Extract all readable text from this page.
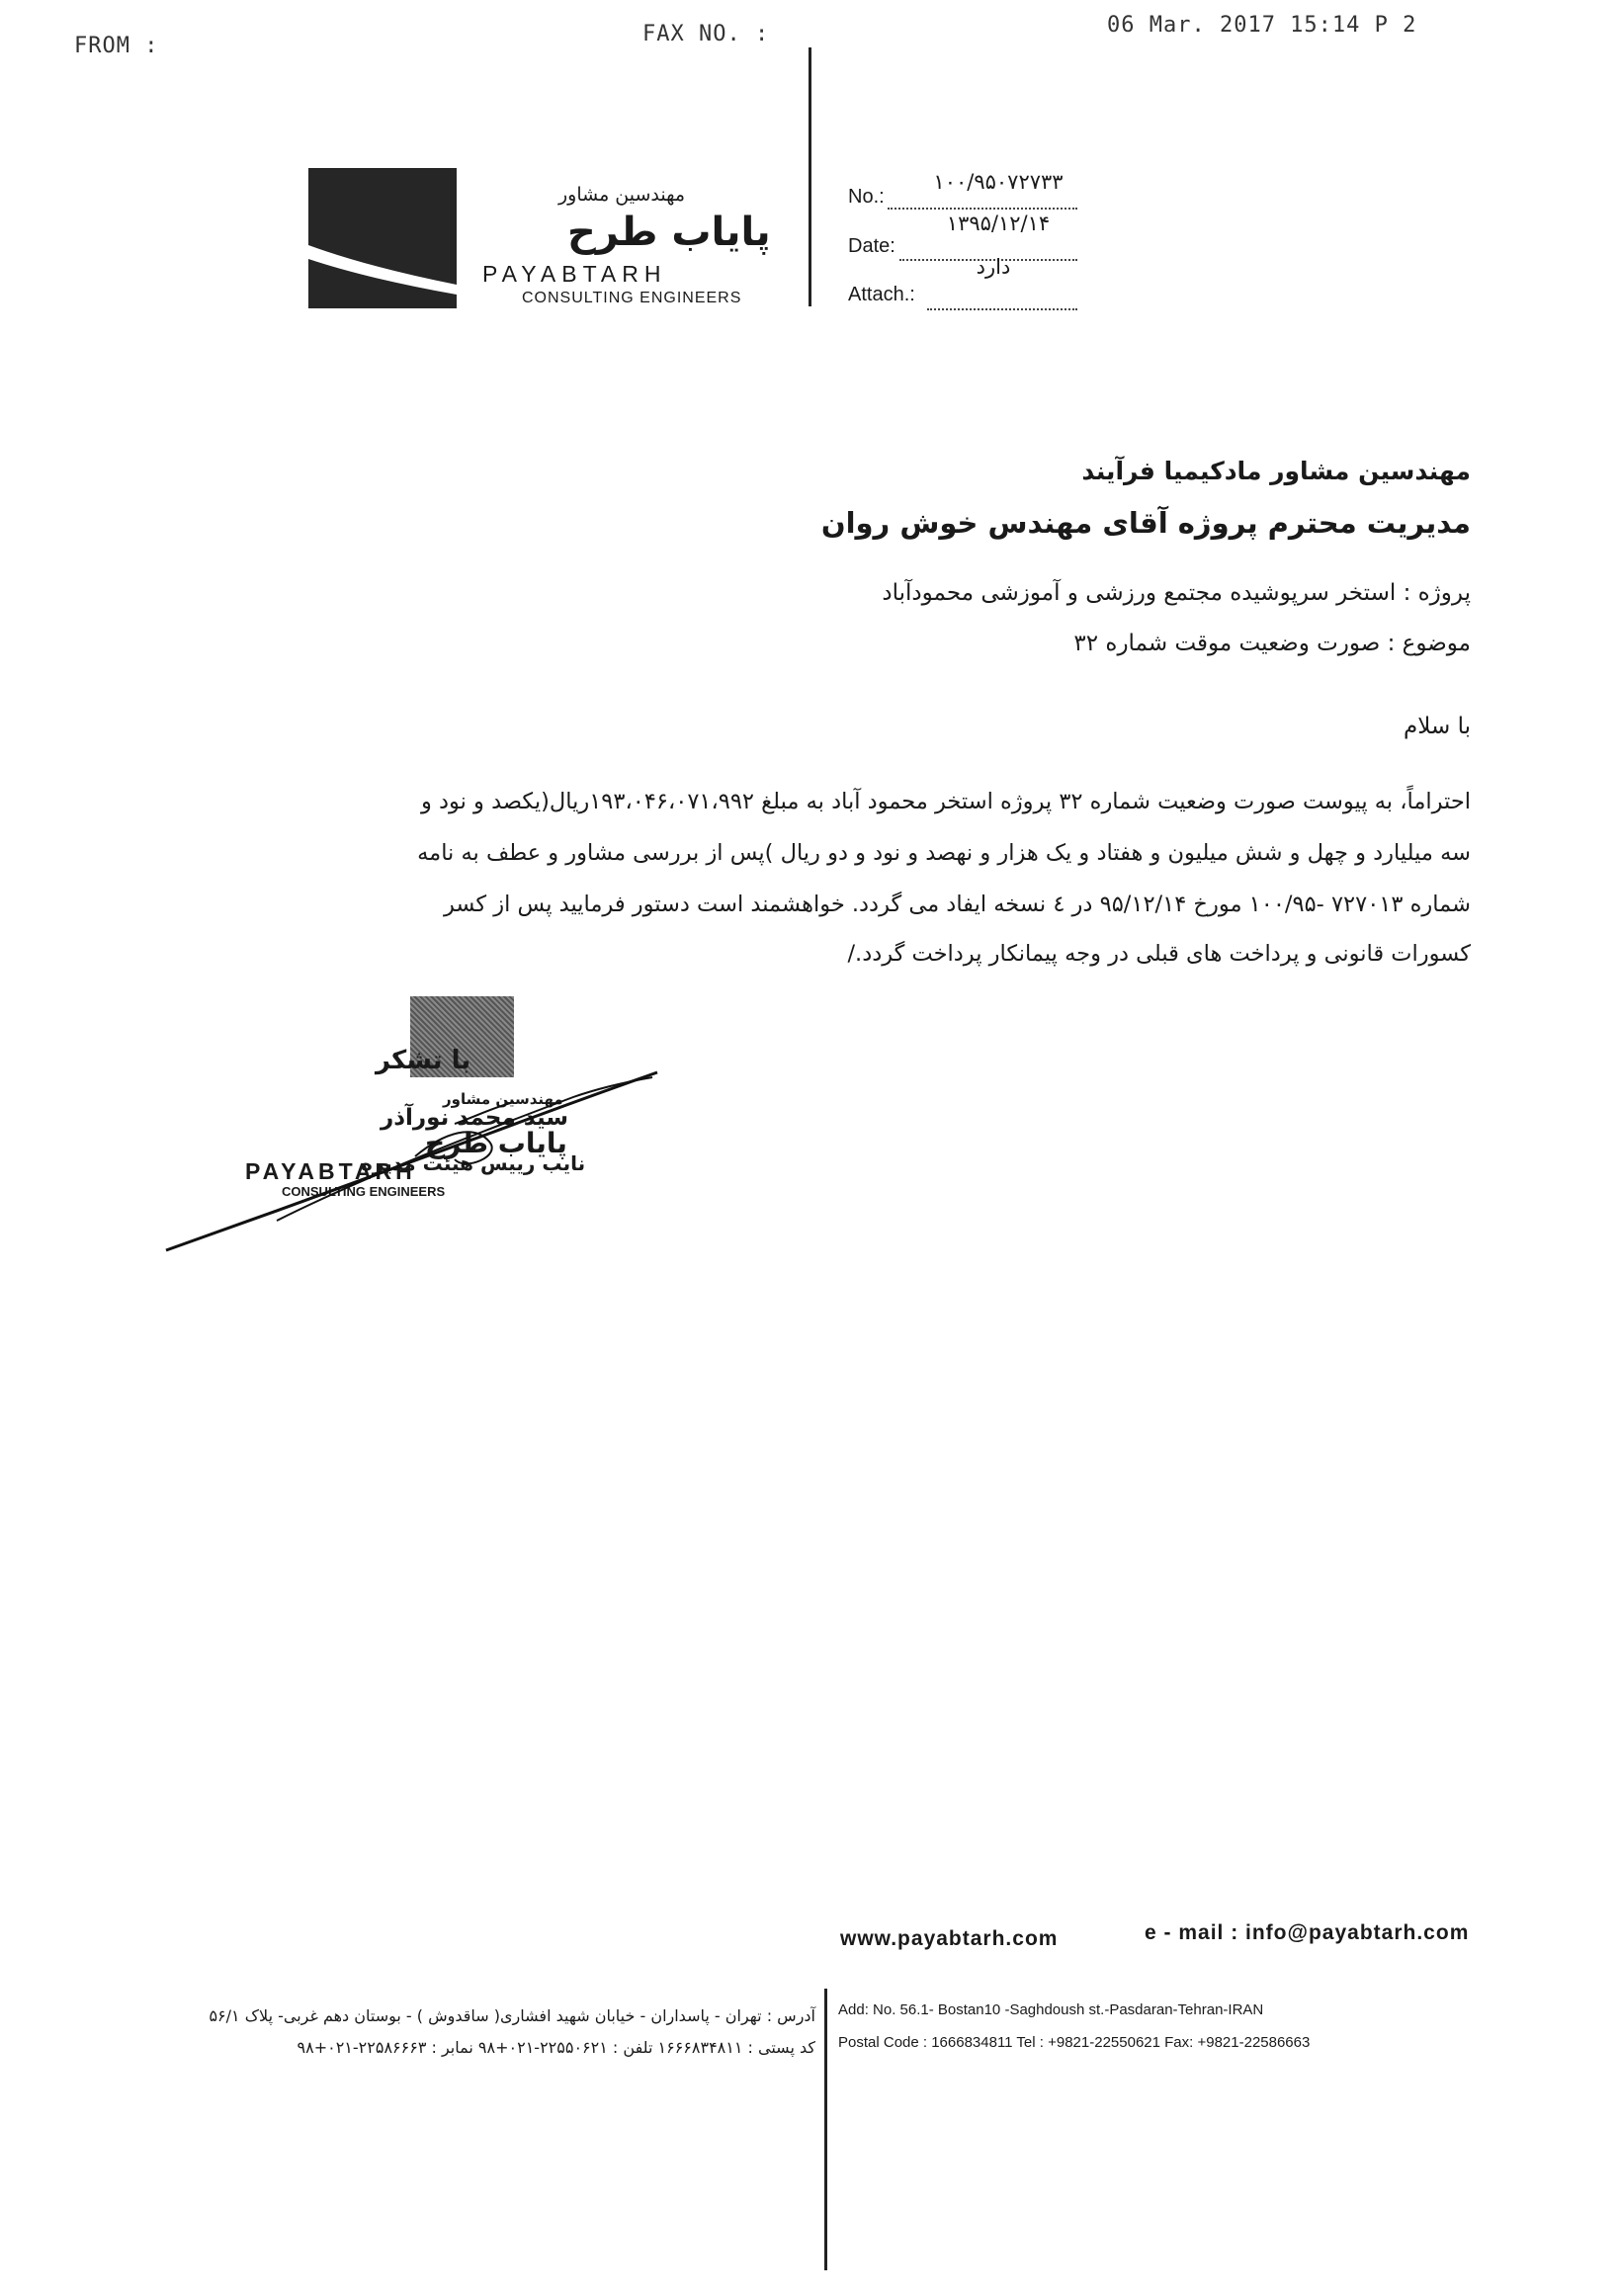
FROM :	FAX NO. :	06 Mar. 2017 15:14 P 2
مهندسین مشاور
پایاب طرح
PAYABTARH
CONSULTING ENGINEERS
No.:
۱۰۰/۹۵۰۷۲۷۳۳
Date:
۱۳۹۵/۱۲/۱۴
Attach.:
دارد
مهندسین مشاور مادکیمیا فرآیند
مدیریت محترم پروژه آقای مهندس خوش روان
پروژه : استخر سرپوشیده مجتمع ورزشی و آموزشی محمودآباد
موضوع : صورت وضعیت موقت شماره ۳۲
با سلام
احتراماً، به پیوست صورت وضعیت شماره ۳۲ پروژه استخر محمود آباد به مبلغ ۱۹۳،۰۴۶،۰۷۱،۹۹۲ریال(یکصد و نود و
سه میلیارد و چهل و شش میلیون و هفتاد و یک هزار و نهصد و نود و دو ریال )پس از بررسی مشاور و عطف به نامه
شماره ۷۲۷۰۱۳ -۱۰۰/۹۵ مورخ ۹۵/۱۲/۱۴ در ٤ نسخه ایفاد می گردد. خواهشمند است دستور فرمایید پس از کسر
کسورات قانونی و پرداخت های قبلی در وجه پیمانکار پرداخت گردد./
با تشکر
مهندسین مشاور
سید محمد نورآذر
پایاب طرح
نایب رییس هیئت مدیره
PAYABTARH
CONSULTING ENGINEERS
www.payabtarh.com	e - mail : info@payabtarh.com
آدرس : تهران - پاسداران - خیابان شهید افشاری( ساقدوش ) - بوستان دهم غربی- پلاک ۵۶/۱
کد پستی : ۱۶۶۶۸۳۴۸۱۱ تلفن : ۲۲۵۵۰۶۲۱-۰۲۱+۹۸ نمابر : ۲۲۵۸۶۶۶۳-۰۲۱+۹۸
Add: No. 56.1- Bostan10 -Saghdoush st.-Pasdaran-Tehran-IRAN
Postal Code : 1666834811 Tel : +9821-22550621 Fax: +9821-22586663
